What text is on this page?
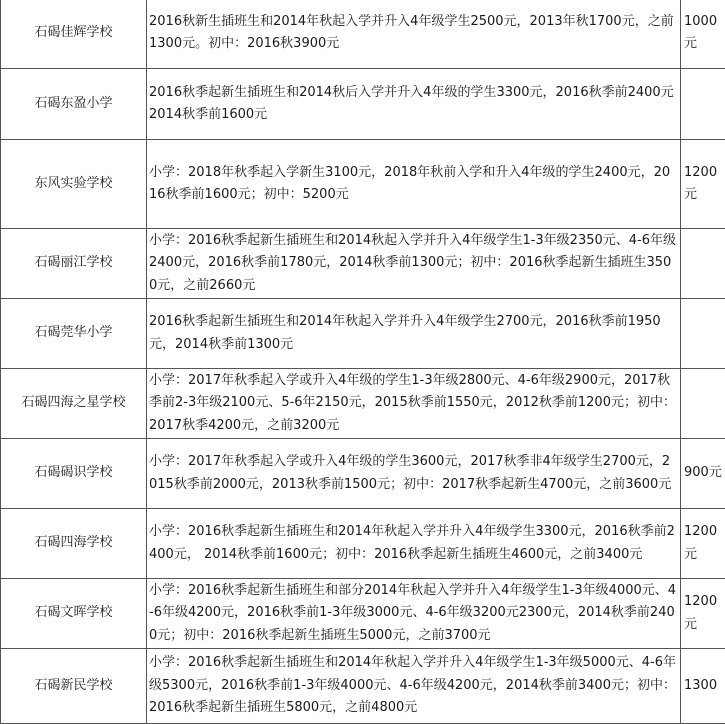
石碣佳辉学校	2016秋新生插班生和2014年秋起入学并升入4年级学生2500元，2013年秋1700元，之前1300元。初中：2016秋3900元	1000元
石碣东盈小学	2016秋季起新生插班生和2014秋后入学并升入4年级的学生3300元，2016秋季前2400元 2014秋季前1600元	
东风实验学校	小学：2018年秋季起入学新生3100元，2018年秋前入学和升入4年级的学生2400元，2016秋季前1600元；初中：5200元	1200元
石碣丽江学校	小学：2016秋季起新生插班生和2014秋起入学并升入4年级学生1-3年级2350元、4-6年级2400元，2016秋季前1780元，2014秋季前1300元；初中：2016秋季起新生插班生3500元，之前2660元	
石碣莞华小学	2016秋季起新生插班生和2014年秋起入学并升入4年级学生2700元，2016秋季前1950元，2014秋季前1300元	
石碣四海之星学校	小学：2017年秋季起入学或升入4年级的学生1-3年级2800元、4-6年级2900元，2017秋季前2-3年级2100元、5-6年2150元，2015秋季前1550元，2012秋季前1200元；初中：2017秋季4200元，之前3200元	
石碣碣识学校	小学：2017年秋季起入学或升入4年级的学生3600元，2017秋季非4年级学生2700元，2015秋季前2000元，2013秋季前1500元；初中：2017秋季起新生4700元，之前3600元	900元
石碣四海学校	小学：2016秋季起新生插班生和2014年秋起入学并升入4年级学生3300元，2016秋季前2400元， 2014秋季前1600元；初中：2016秋季起新生插班生4600元，之前3400元	1200元
石碣文晖学校	小学：2016秋季起新生插班生和部分2014年秋起入学并升入4年级学生1-3年级4000元、4-6年级4200元，2016秋季前1-3年级3000元、4-6年级3200元2300元，2014秋季前2400元；初中：2016秋季起新生插班生5000元，之前3700元	1200元
石碣新民学校	小学：2016秋季起新生插班生和2014年秋起入学并升入4年级学生1-3年级5000元、4-6年级5300元，2016秋季前1-3年级4000元、4-6年级4200元，2014秋季前3400元；初中：2016秋季起新生插班生5800元，之前4800元	1300
